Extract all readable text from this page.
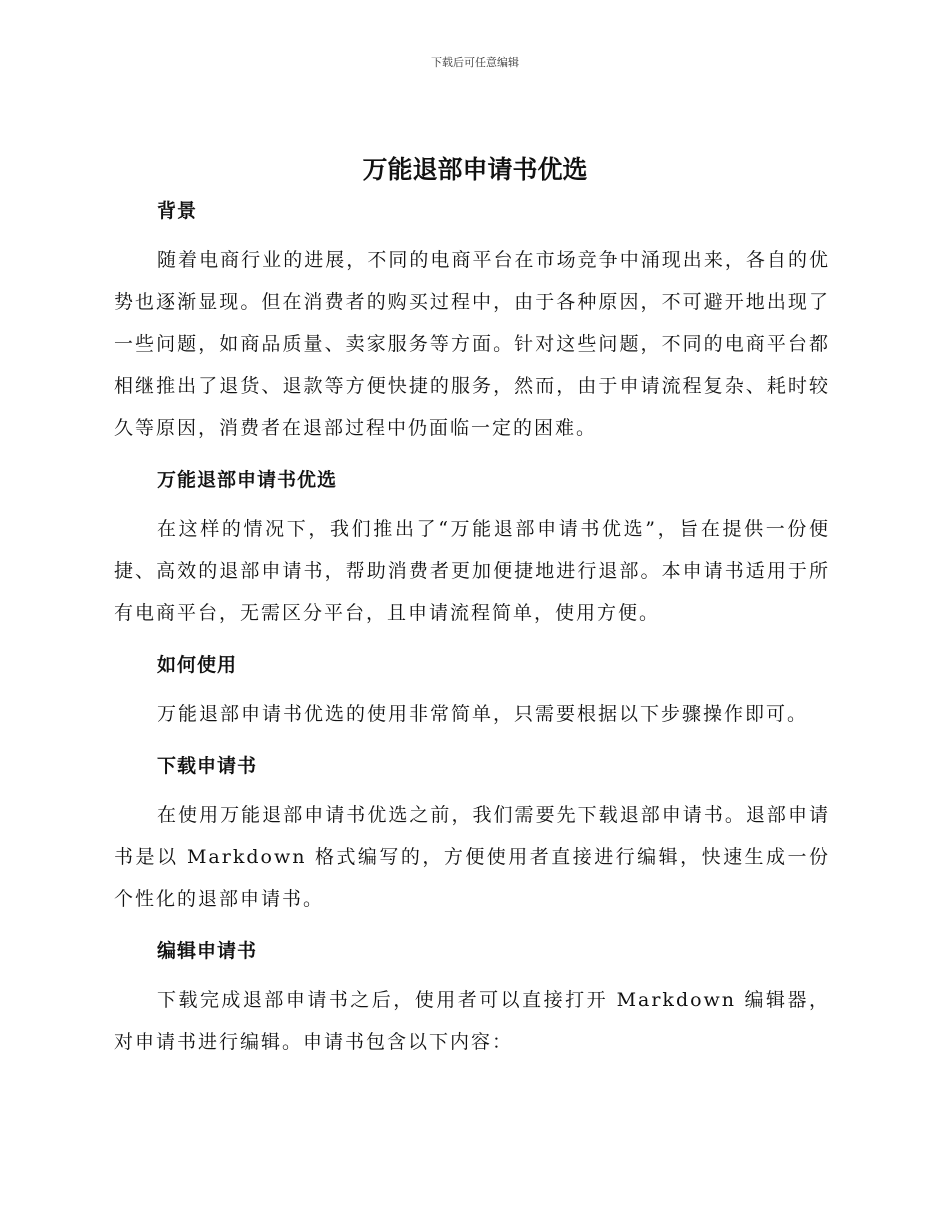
下载后可任意编辑
万能退部申请书优选
背景

随着电商行业的进展，不同的电商平台在市场竞争中涌现出来，各自的优势也逐渐显现。但在消费者的购买过程中，由于各种原因，不可避开地出现了一些问题，如商品质量、卖家服务等方面。针对这些问题，不同的电商平台都相继推出了退货、退款等方便快捷的服务，然而，由于申请流程复杂、耗时较久等原因，消费者在退部过程中仍面临一定的困难。

万能退部申请书优选

在这样的情况下，我们推出了“万能退部申请书优选”，旨在提供一份便捷、高效的退部申请书，帮助消费者更加便捷地进行退部。本申请书适用于所有电商平台，无需区分平台，且申请流程简单，使用方便。

如何使用

万能退部申请书优选的使用非常简单，只需要根据以下步骤操作即可。

下载申请书

在使用万能退部申请书优选之前，我们需要先下载退部申请书。退部申请书是以 Markdown 格式编写的，方便使用者直接进行编辑，快速生成一份个性化的退部申请书。

编辑申请书

下载完成退部申请书之后，使用者可以直接打开 Markdown 编辑器，对申请书进行编辑。申请书包含以下内容：
